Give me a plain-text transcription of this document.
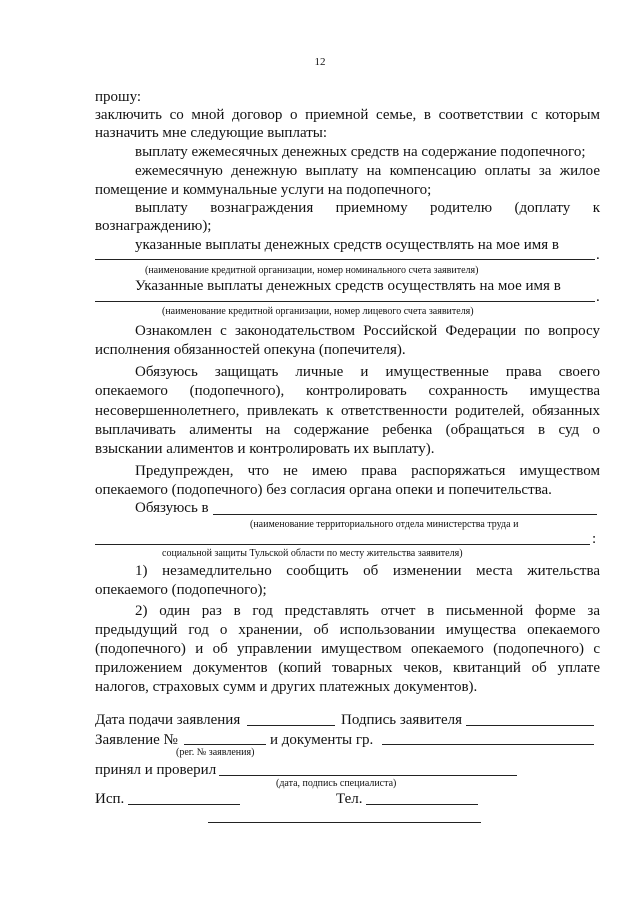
12

прошу:

заключить со мной договор о приемной семье, в соответствии с которым

назначить мне следующие выплаты:

выплату ежемесячных денежных средств на содержание подопечного;

ежемесячную денежную выплату на компенсацию оплаты за жилое

помещение и коммунальные услуги на подопечного;

выплату вознаграждения приемному родителю (доплату к

вознаграждению);

указанные выплаты денежных средств осуществлять на мое имя в

.

(наименование кредитной организации, номер номинального счета заявителя)

Указанные выплаты денежных средств осуществлять на мое имя в

.

(наименование кредитной организации, номер лицевого счета заявителя)

Ознакомлен с законодательством Российской Федерации по вопросу

исполнения обязанностей опекуна (попечителя).

Обязуюсь защищать личные и имущественные права своего

опекаемого (подопечного), контролировать сохранность имущества

несовершеннолетнего, привлекать к ответственности родителей, обязанных

выплачивать алименты на содержание ребенка (обращаться в суд о

взыскании алиментов и контролировать их выплату).

Предупрежден, что не имею права распоряжаться имуществом

опекаемого (подопечного) без согласия органа опеки и попечительства.

Обязуюсь в

(наименование территориального отдела министерства труда и

:

социальной защиты Тульской области по месту жительства заявителя)

1) незамедлительно сообщить об изменении места жительства

опекаемого (подопечного);

2) один раз в год представлять отчет в письменной форме за

предыдущий год о хранении, об использовании имущества опекаемого

(подопечного) и об управлении имуществом опекаемого (подопечного) с

приложением документов (копий товарных чеков, квитанций об уплате

налогов, страховых сумм и других платежных документов).

Дата подачи заявления	Подпись заявителя

Заявление №	и документы гр.

(рег. № заявления)

принял и проверил

(дата, подпись специалиста)

Исп.	Тел.
